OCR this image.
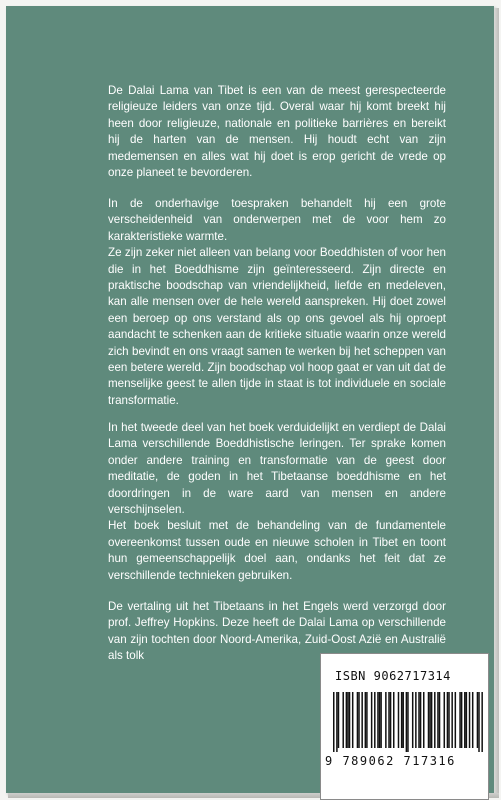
De Dalai Lama van Tibet is een van de meest gerespecteerde religieuze leiders van onze tijd. Overal waar hij komt breekt hij heen door religieuze, nationale en politieke barrières en bereikt hij de harten van de mensen. Hij houdt echt van zijn medemensen en alles wat hij doet is erop gericht de vrede op onze planeet te bevorderen.

In de onderhavige toespraken behandelt hij een grote verscheidenheid van onderwerpen met de voor hem zo karakteristieke warmte.
Ze zijn zeker niet alleen van belang voor Boeddhisten of voor hen die in het Boeddhisme zijn geïnteresseerd. Zijn directe en praktische boodschap van vriendelijkheid, liefde en medeleven, kan alle mensen over de hele wereld aanspreken. Hij doet zowel een beroep op ons verstand als op ons gevoel als hij oproept aandacht te schenken aan de kritieke situatie waarin onze wereld zich bevindt en ons vraagt samen te werken bij het scheppen van een betere wereld. Zijn boodschap vol hoop gaat er van uit dat de menselijke geest te allen tijde in staat is tot individuele en sociale transformatie.

In het tweede deel van het boek verduidelijkt en verdiept de Dalai Lama verschillende Boeddhistische leringen. Ter sprake komen onder andere training en transformatie van de geest door meditatie, de goden in het Tibetaanse boeddhisme en het doordringen in de ware aard van mensen en andere verschijnselen.
Het boek besluit met de behandeling van de fundamentele overeenkomst tussen oude en nieuwe scholen in Tibet en toont hun gemeenschappelijk doel aan, ondanks het feit dat ze verschillende technieken gebruiken.

De vertaling uit het Tibetaans in het Engels werd verzorgd door prof. Jeffrey Hopkins. Deze heeft de Dalai Lama op verschillende van zijn tochten door Noord-Amerika, Zuid-Oost Azië en Australië als tolk

ISBN 9062717314
9 789062 717316
